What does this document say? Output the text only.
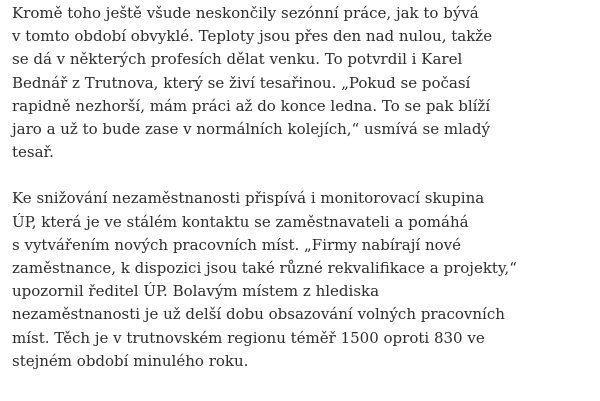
Kromě toho ještě všude neskončily sezónní práce, jak to bývá
v tomto období obvyklé. Teploty jsou přes den nad nulou, takže
se dá v některých profesích dělat venku. To potvrdil i Karel
Bednář z Trutnova, který se živí tesařinou. „Pokud se počasí
rapidně nezhorší, mám práci až do konce ledna. To se pak blíží
jaro a už to bude zase v normálních kolejích,“ usmívá se mladý
tesař.

Ke snižování nezaměstnanosti přispívá i monitorovací skupina
ÚP, která je ve stálém kontaktu se zaměstnavateli a pomáhá
s vytvářením nových pracovních míst. „Firmy nabírají nové
zaměstnance, k dispozici jsou také různé rekvalifikace a projekty,“
upozornil ředitel ÚP. Bolavým místem z hlediska
nezaměstnanosti je už delší dobu obsazování volných pracovních
míst. Těch je v trutnovském regionu téměř 1500 oproti 830 ve
stejném období minulého roku.
